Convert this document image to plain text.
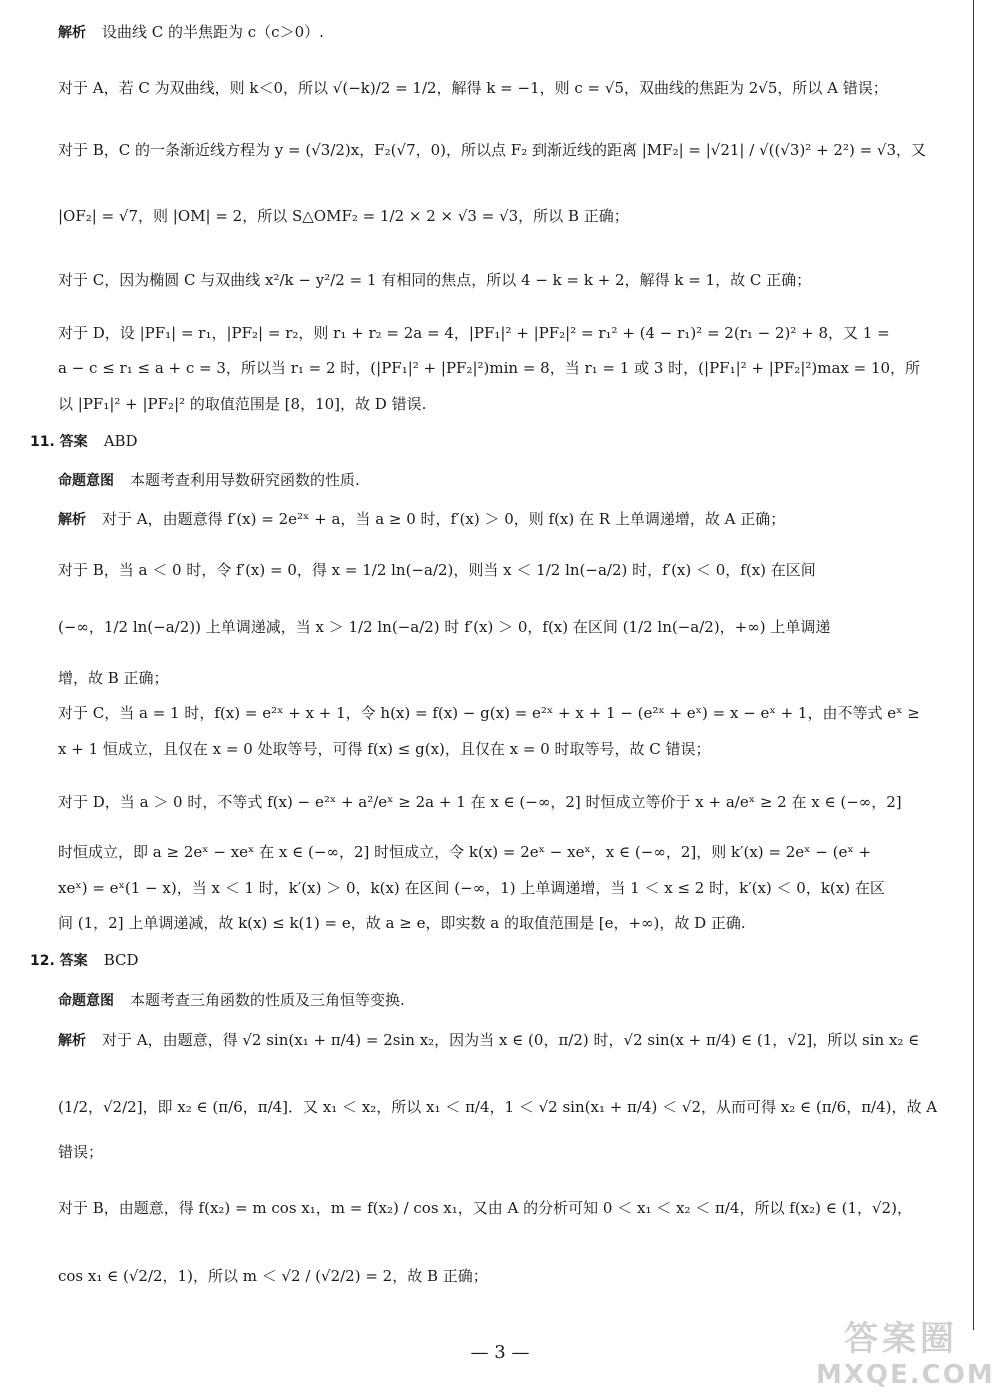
解析 设曲线 C 的半焦距为 c（c＞0）.
对于 A，若 C 为双曲线，则 k＜0，所以 √(−k)/2 = 1/2，解得 k = −1，则 c = √5，双曲线的焦距为 2√5，所以 A 错误；
对于 B，C 的一条渐近线方程为 y = (√3/2)x，F₂(√7，0)，所以点 F₂ 到渐近线的距离 |MF₂| = |√21| / √((√3)² + 2²) = √3，又
|OF₂| = √7，则 |OM| = 2，所以 S△OMF₂ = 1/2 × 2 × √3 = √3，所以 B 正确；
对于 C，因为椭圆 C 与双曲线 x²/k − y²/2 = 1 有相同的焦点，所以 4 − k = k + 2，解得 k = 1，故 C 正确；
对于 D，设 |PF₁| = r₁，|PF₂| = r₂，则 r₁ + r₂ = 2a = 4，|PF₁|² + |PF₂|² = r₁² + (4 − r₁)² = 2(r₁ − 2)² + 8，又 1 =
a − c ≤ r₁ ≤ a + c = 3，所以当 r₁ = 2 时，(|PF₁|² + |PF₂|²)min = 8，当 r₁ = 1 或 3 时，(|PF₁|² + |PF₂|²)max = 10，所
以 |PF₁|² + |PF₂|² 的取值范围是 [8，10]，故 D 错误.
11. 答案 ABD
命题意图 本题考查利用导数研究函数的性质.
解析 对于 A，由题意得 f′(x) = 2e²ˣ + a，当 a ≥ 0 时，f′(x) ＞ 0，则 f(x) 在 R 上单调递增，故 A 正确；
对于 B，当 a ＜ 0 时，令 f′(x) = 0，得 x = 1/2 ln(−a/2)，则当 x ＜ 1/2 ln(−a/2) 时，f′(x) ＜ 0，f(x) 在区间
(−∞，1/2 ln(−a/2)) 上单调递减，当 x ＞ 1/2 ln(−a/2) 时 f′(x) ＞ 0，f(x) 在区间 (1/2 ln(−a/2)，+∞) 上单调递
增，故 B 正确；
对于 C，当 a = 1 时，f(x) = e²ˣ + x + 1，令 h(x) = f(x) − g(x) = e²ˣ + x + 1 − (e²ˣ + eˣ) = x − eˣ + 1，由不等式 eˣ ≥
x + 1 恒成立，且仅在 x = 0 处取等号，可得 f(x) ≤ g(x)，且仅在 x = 0 时取等号，故 C 错误；
对于 D，当 a ＞ 0 时，不等式 f(x) − e²ˣ + a²/eˣ ≥ 2a + 1 在 x ∈ (−∞，2] 时恒成立等价于 x + a/eˣ ≥ 2 在 x ∈ (−∞，2]
时恒成立，即 a ≥ 2eˣ − xeˣ 在 x ∈ (−∞，2] 时恒成立，令 k(x) = 2eˣ − xeˣ，x ∈ (−∞，2]，则 k′(x) = 2eˣ − (eˣ +
xeˣ) = eˣ(1 − x)，当 x ＜ 1 时，k′(x) ＞ 0，k(x) 在区间 (−∞，1) 上单调递增，当 1 ＜ x ≤ 2 时，k′(x) ＜ 0，k(x) 在区
间 (1，2] 上单调递减，故 k(x) ≤ k(1) = e，故 a ≥ e，即实数 a 的取值范围是 [e，+∞)，故 D 正确.
12. 答案 BCD
命题意图 本题考查三角函数的性质及三角恒等变换.
解析 对于 A，由题意，得 √2 sin(x₁ + π/4) = 2sin x₂，因为当 x ∈ (0，π/2) 时，√2 sin(x + π/4) ∈ (1，√2]，所以 sin x₂ ∈
(1/2，√2/2]，即 x₂ ∈ (π/6，π/4]．又 x₁ ＜ x₂，所以 x₁ ＜ π/4，1 ＜ √2 sin(x₁ + π/4) ＜ √2，从而可得 x₂ ∈ (π/6，π/4)，故 A
错误；
对于 B，由题意，得 f(x₂) = m cos x₁，m = f(x₂) / cos x₁，又由 A 的分析可知 0 ＜ x₁ ＜ x₂ ＜ π/4，所以 f(x₂) ∈ (1，√2)，
cos x₁ ∈ (√2/2，1)，所以 m ＜ √2 / (√2/2) = 2，故 B 正确；
— 3 —	答案圈
MXQE.COM
